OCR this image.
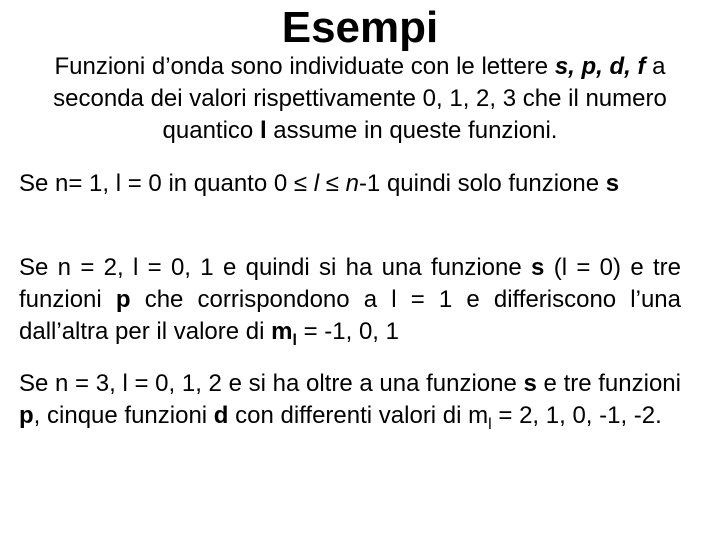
Esempi

Funzioni d’onda sono individuate con le lettere s, p, d, f a seconda dei valori rispettivamente 0, 1, 2, 3 che il numero quantico l assume in queste funzioni.

Se n= 1, l = 0 in quanto 0 ≤ l ≤ n-1 quindi solo funzione s

Se n = 2, l = 0, 1 e quindi si ha una funzione s (l = 0) e tre funzioni p che corrispondono a l = 1 e differiscono l’una dall’altra per il valore di $m_l = -1$, 0, 1

Se n = 3, l = 0, 1, 2 e si ha oltre a una funzione s e tre funzioni p, cinque funzioni d con differenti valori di $m_l = 2$, 1, 0, -1, -2.
